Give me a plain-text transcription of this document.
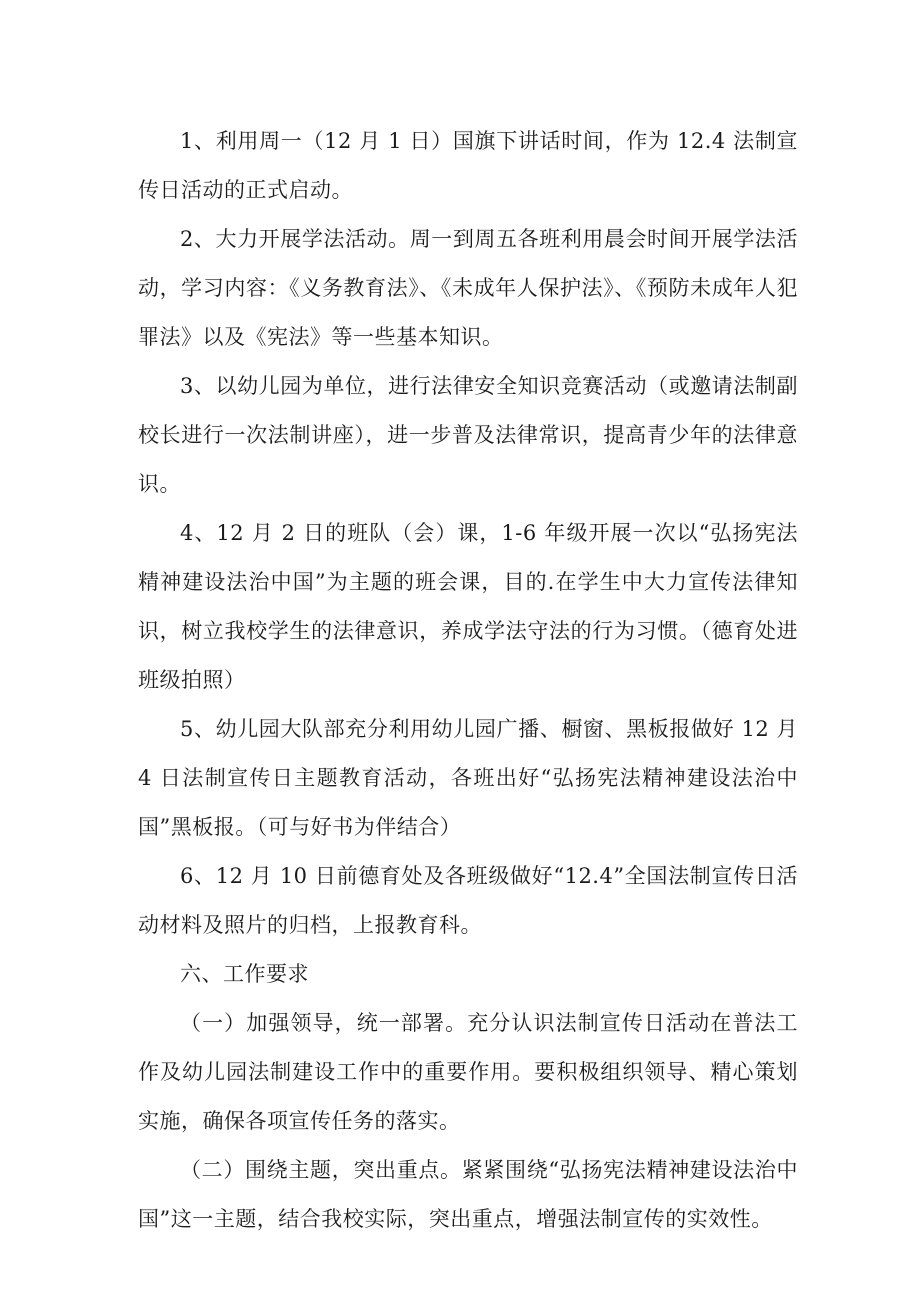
1、利用周一（12 月 1 日）国旗下讲话时间，作为 12.4 法制宣传日活动的正式启动。

2、大力开展学法活动。周一到周五各班利用晨会时间开展学法活动，学习内容：《义务教育法》、《未成年人保护法》、《预防未成年人犯罪法》以及《宪法》等一些基本知识。

3、以幼儿园为单位，进行法律安全知识竞赛活动（或邀请法制副校长进行一次法制讲座），进一步普及法律常识，提高青少年的法律意识。

4、12 月 2 日的班队（会）课，1-6 年级开展一次以“弘扬宪法精神建设法治中国”为主题的班会课，目的.在学生中大力宣传法律知识，树立我校学生的法律意识，养成学法守法的行为习惯。（德育处进班级拍照）

5、幼儿园大队部充分利用幼儿园广播、橱窗、黑板报做好 12 月 4 日法制宣传日主题教育活动，各班出好“弘扬宪法精神建设法治中国”黑板报。（可与好书为伴结合）

6、12 月 10 日前德育处及各班级做好“12.4”全国法制宣传日活动材料及照片的归档，上报教育科。

六、工作要求

（一）加强领导，统一部署。充分认识法制宣传日活动在普法工作及幼儿园法制建设工作中的重要作用。要积极组织领导、精心策划实施，确保各项宣传任务的落实。

（二）围绕主题，突出重点。紧紧围绕“弘扬宪法精神建设法治中国”这一主题，结合我校实际，突出重点，增强法制宣传的实效性。
